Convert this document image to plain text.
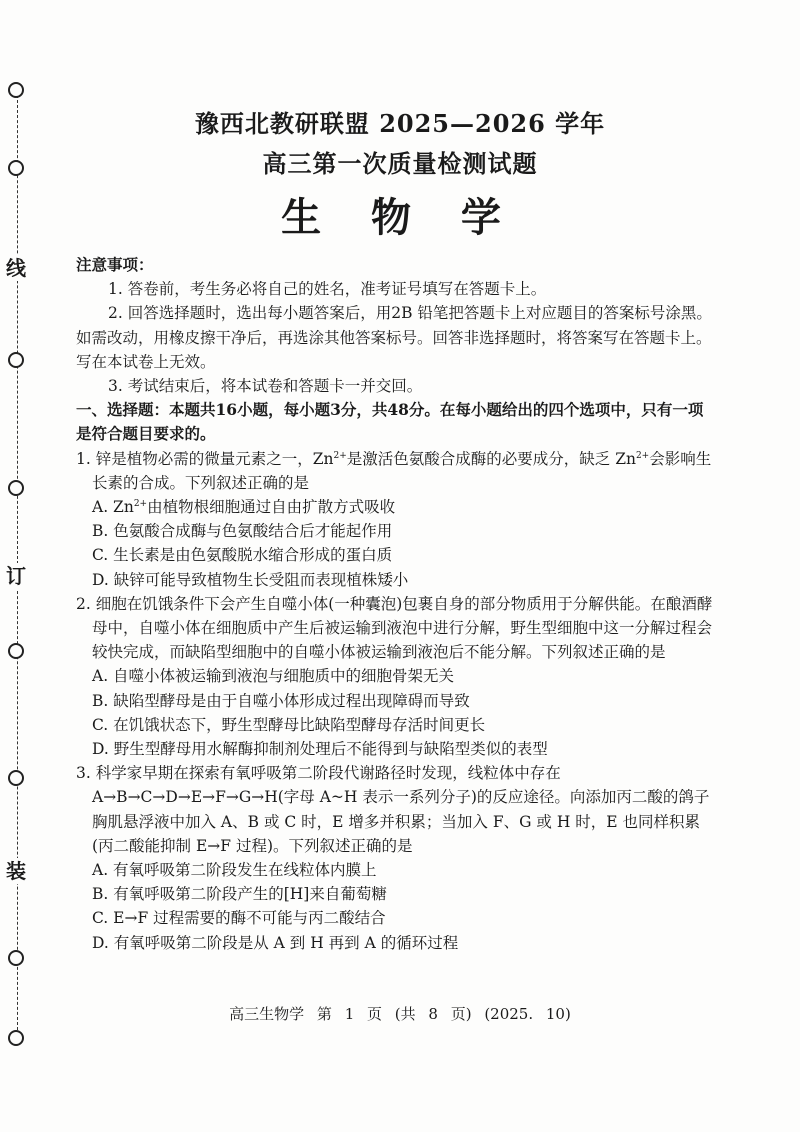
线
订
装
豫西北教研联盟 2025—2026 学年
高三第一次质量检测试题
生 物 学

注意事项：

1. 答卷前，考生务必将自己的姓名，准考证号填写在答题卡上。

2. 回答选择题时，选出每小题答案后，用2B 铅笔把答题卡上对应题目的答案标号涂黑。如需改动，用橡皮擦干净后，再选涂其他答案标号。回答非选择题时，将答案写在答题卡上。写在本试卷上无效。

3. 考试结束后，将本试卷和答题卡一并交回。

一、选择题：本题共16小题，每小题3分，共48分。在每小题给出的四个选项中，只有一项是符合题目要求的。

1. 锌是植物必需的微量元素之一，$Zn^{2+}$是激活色氨酸合成酶的必要成分，缺乏 $Zn^{2+}$会影响生长素的合成。下列叙述正确的是

A. $Zn^{2+}$由植物根细胞通过自由扩散方式吸收

B. 色氨酸合成酶与色氨酸结合后才能起作用

C. 生长素是由色氨酸脱水缩合形成的蛋白质

D. 缺锌可能导致植物生长受阻而表现植株矮小

2. 细胞在饥饿条件下会产生自噬小体(一种囊泡)包裹自身的部分物质用于分解供能。在酿酒酵母中，自噬小体在细胞质中产生后被运输到液泡中进行分解，野生型细胞中这一分解过程会较快完成，而缺陷型细胞中的自噬小体被运输到液泡后不能分解。下列叙述正确的是

A. 自噬小体被运输到液泡与细胞质中的细胞骨架无关

B. 缺陷型酵母是由于自噬小体形成过程出现障碍而导致

C. 在饥饿状态下，野生型酵母比缺陷型酵母存活时间更长

D. 野生型酵母用水解酶抑制剂处理后不能得到与缺陷型类似的表型

3. 科学家早期在探索有氧呼吸第二阶段代谢路径时发现，线粒体中存在 A→B→C→D→E→F→G→H(字母 A~H 表示一系列分子)的反应途径。向添加丙二酸的鸽子胸肌悬浮液中加入 A、B 或 C 时，E 增多并积累；当加入 F、G 或 H 时，E 也同样积累(丙二酸能抑制 E→F 过程)。下列叙述正确的是

A. 有氧呼吸第二阶段发生在线粒体内膜上

B. 有氧呼吸第二阶段产生的[H]来自葡萄糖

C. E→F 过程需要的酶不可能与丙二酸结合

D. 有氧呼吸第二阶段是从 A 到 H 再到 A 的循环过程

高三生物学 第 1 页 (共 8 页) (2025. 10)
